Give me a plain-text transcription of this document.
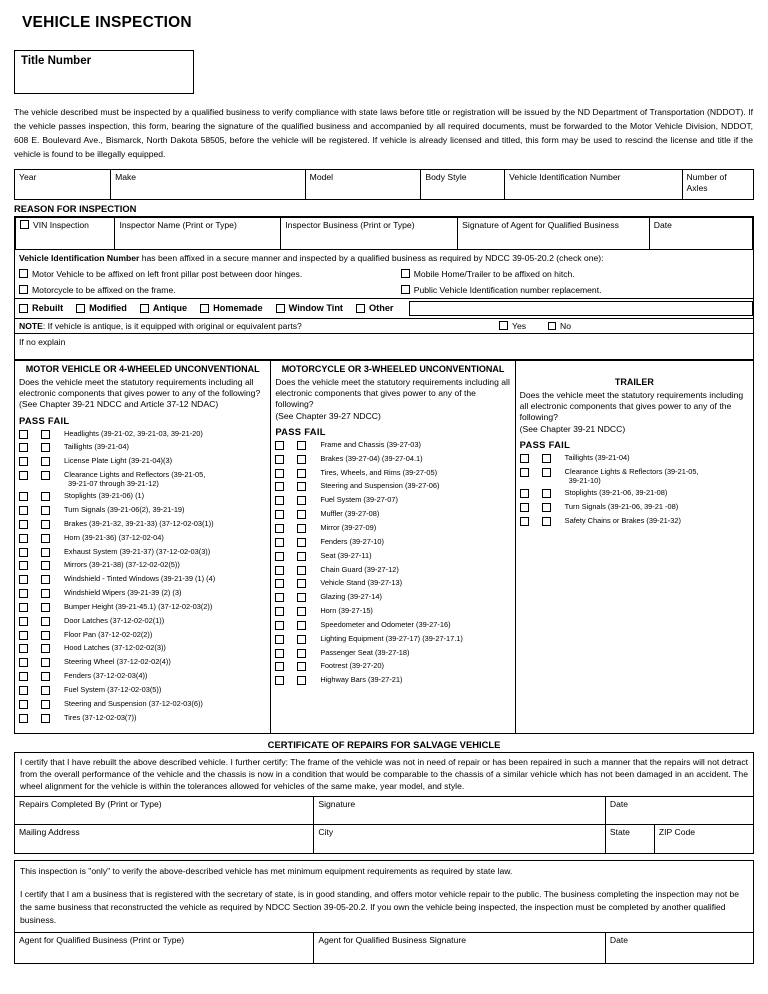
VEHICLE INSPECTION
Title Number

The vehicle described must be inspected by a qualified business to verify compliance with state laws before title or registration will be issued by the ND Department of Transportation (NDDOT). If the vehicle passes inspection, this form, bearing the signature of the qualified business and accompanied by all required documents, must be forwarded to the Motor Vehicle Division, NDDOT, 608 E. Boulevard Ave., Bismarck, North Dakota 58505, before the vehicle will be registered. If vehicle is already licensed and titled, this form may be used to rescind the license and title if the vehicle is found to be illegally equipped.

Year	Make	Model	Body Style	Vehicle Identification Number	Number of Axles
REASON FOR INSPECTION
VIN Inspection	Inspector Name (Print or Type)	Inspector Business (Print or Type)	Signature of Agent for Qualified Business	Date
Vehicle Identification Number has been affixed in a secure manner and inspected by a qualified business as required by NDCC 39-05-20.2 (check one):
Motor Vehicle to be affixed on left front pillar post between door hinges.	Mobile Home/Trailer to be affixed on hitch.
Motorcycle to be affixed on the frame.	Public Vehicle Identification number replacement.
Rebuilt	Modified	Antique	Homemade	Window Tint	Other
NOTE: If vehicle is antique, is it equipped with original or equivalent parts?	Yes	No
If no explain
MOTOR VEHICLE OR 4-WHEELED UNCONVENTIONAL
Does the vehicle meet the statutory requirements including all electronic components that gives power to any of the following?
(See Chapter 39-21 NDCC and Article 37-12 NDAC)
PASS FAIL
Headlights (39-21-02, 39-21-03, 39-21-20)
Taillights (39-21-04)
License Plate Light (39-21-04)(3)
Clearance Lights and Reflectors (39-21-05,
39-21-07 through 39-21-12)
Stoplights (39-21-06) (1)
Turn Signals (39-21-06(2), 39-21-19)
Brakes (39-21-32, 39-21-33) (37-12-02-03(1))
Horn (39-21-36) (37-12-02-04)
Exhaust System (39-21-37) (37-12-02-03(3))
Mirrors (39-21-38) (37-12-02-02(5))
Windshield - Tinted Windows (39-21-39 (1) (4)
Windshield Wipers (39-21-39 (2) (3)
Bumper Height (39-21-45.1) (37-12-02-03(2))
Door Latches (37-12-02-02(1))
Floor Pan (37-12-02-02(2))
Hood Latches (37-12-02-02(3))
Steering Wheel (37-12-02-02(4))
Fenders (37-12-02-03(4))
Fuel System (37-12-02-03(5))
Steering and Suspension (37-12-02-03(6))
Tires (37-12-02-03(7))
MOTORCYCLE OR 3-WHEELED UNCONVENTIONAL
Does the vehicle meet the statutory requirements including all electronic components that gives power to any of the following?
(See Chapter 39-27 NDCC)
PASS FAIL
Frame and Chassis (39-27-03)
Brakes (39-27-04) (39-27-04.1)
Tires, Wheels, and Rims (39-27-05)
Steering and Suspension (39-27-06)
Fuel System (39-27-07)
Muffler (39-27-08)
Mirror (39-27-09)
Fenders (39-27-10)
Seat (39-27-11)
Chain Guard (39-27-12)
Vehicle Stand (39-27-13)
Glazing (39-27-14)
Horn (39-27-15)
Speedometer and Odometer (39-27-16)
Lighting Equipment (39-27-17) (39-27-17.1)
Passenger Seat (39-27-18)
Footrest (39-27-20)
Highway Bars (39-27-21)
TRAILER
Does the vehicle meet the statutory requirements including all electronic components that gives power to any of the following?
(See Chapter 39-21 NDCC)
PASS FAIL
Taillights (39-21-04)
Clearance Lights & Reflectors (39-21-05,
39-21-10)
Stoplights (39-21-06, 39-21-08)
Turn Signals (39-21-06, 39-21 -08)
Safety Chains or Brakes (39-21-32)
CERTIFICATE OF REPAIRS FOR SALVAGE VEHICLE
I certify that I have rebuilt the above described vehicle. I further certify: The frame of the vehicle was not in need of repair or has been repaired in such a manner that the repairs will not detract from the overall performance of the vehicle and the chassis is now in a condition that would be comparable to the chassis of a similar vehicle which has not been damaged in an accident. The wheel alignment for the vehicle is within the tolerances allowed for vehicles of the same make, year model, and style.
Repairs Completed By (Print or Type)	Signature	Date
Mailing Address	City		State	ZIP Code
This inspection is "only" to verify the above-described vehicle has met minimum equipment requirements as required by state law.
I certify that I am a business that is registered with the secretary of state, is in good standing, and offers motor vehicle repair to the public. The business completing the inspection may not be the same business that reconstructed the vehicle as required by NDCC Section 39-05-20.2. If you own the vehicle being inspected, the inspection must be completed by another qualified business.
Agent for Qualified Business (Print or Type)	Agent for Qualified Business Signature	Date
